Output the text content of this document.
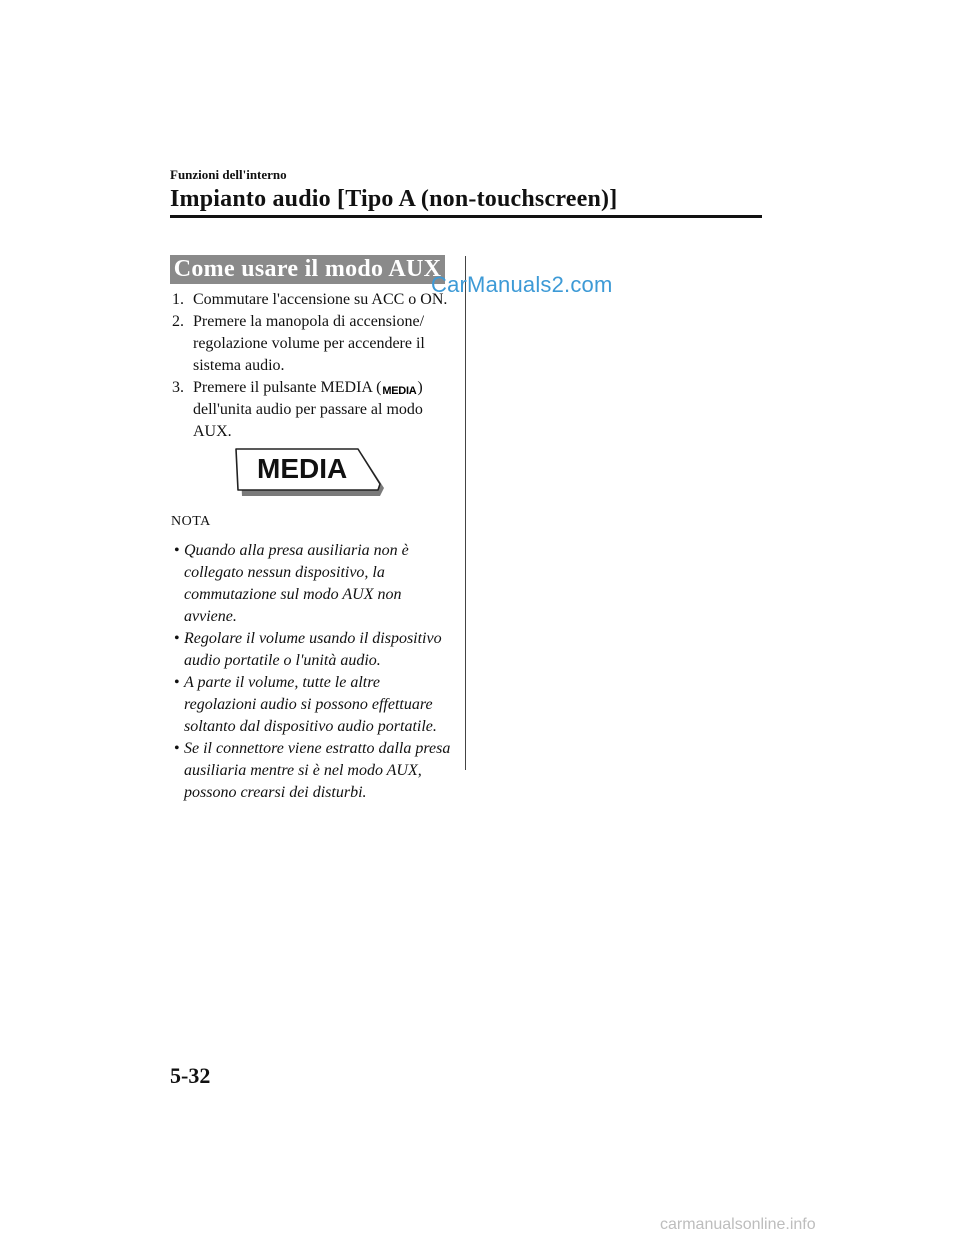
Funzioni dell'interno
Impianto audio [Tipo A (non-touchscreen)]
Come usare il modo AUX
CarManuals2.com
1. Commutare l'accensione su ACC o ON.
2. Premere la manopola di accensione/ regolazione volume per accendere il sistema audio.
3. Premere il pulsante MEDIA (MEDIA) dell'unita audio per passare al modo AUX.
MEDIA
NOTA
• Quando alla presa ausiliaria non è collegato nessun dispositivo, la commutazione sul modo AUX non avviene.
• Regolare il volume usando il dispositivo audio portatile o l'unità audio.
• A parte il volume, tutte le altre regolazioni audio si possono effettuare soltanto dal dispositivo audio portatile.
• Se il connettore viene estratto dalla presa ausiliaria mentre si è nel modo AUX, possono crearsi dei disturbi.
5-32
carmanualsonline.info
